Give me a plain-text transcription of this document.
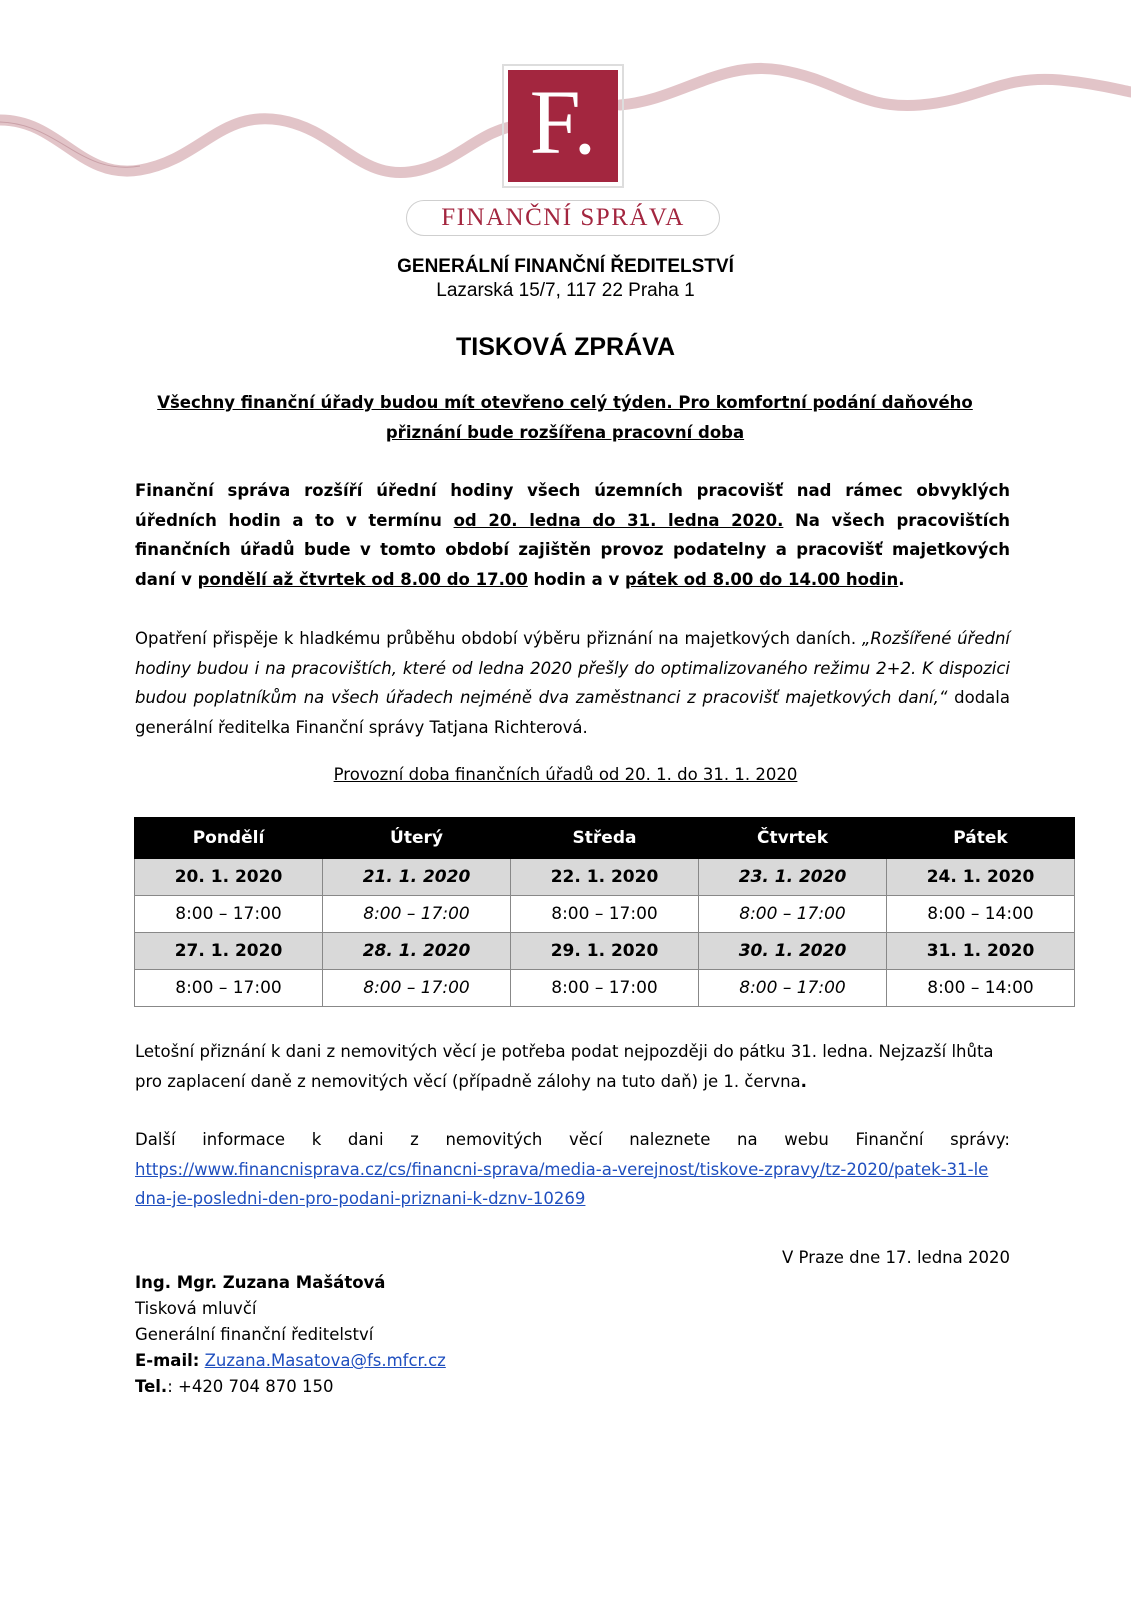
F.
FINANČNÍ SPRÁVA
GENERÁLNÍ FINANČNÍ ŘEDITELSTVÍ
Lazarská 15/7, 117 22 Praha 1
TISKOVÁ ZPRÁVA
Všechny finanční úřady budou mít otevřeno celý týden. Pro komfortní podání daňového přiznání bude rozšířena pracovní doba
Finanční správa rozšíří úřední hodiny všech územních pracovišť nad rámec obvyklých úředních hodin a to v termínu od 20. ledna do 31. ledna 2020. Na všech pracovištích finančních úřadů bude v tomto období zajištěn provoz podatelny a pracovišť majetkových daní v pondělí až čtvrtek od 8.00 do 17.00 hodin a v pátek od 8.00 do 14.00 hodin.
Opatření přispěje k hladkému průběhu období výběru přiznání na majetkových daních. „Rozšířené úřední hodiny budou i na pracovištích, které od ledna 2020 přešly do optimalizovaného režimu 2+2. K dispozici budou poplatníkům na všech úřadech nejméně dva zaměstnanci z pracovišť majetkových daní,“ dodala generální ředitelka Finanční správy Tatjana Richterová.
Provozní doba finančních úřadů od 20. 1. do 31. 1. 2020
Pondělí	Úterý	Středa	Čtvrtek	Pátek
20. 1. 2020	21. 1. 2020	22. 1. 2020	23. 1. 2020	24. 1. 2020
8:00 – 17:00	8:00 – 17:00	8:00 – 17:00	8:00 – 17:00	8:00 – 14:00
27. 1. 2020	28. 1. 2020	29. 1. 2020	30. 1. 2020	31. 1. 2020
8:00 – 17:00	8:00 – 17:00	8:00 – 17:00	8:00 – 17:00	8:00 – 14:00
Letošní přiznání k dani z nemovitých věcí je potřeba podat nejpozději do pátku 31. ledna. Nejzazší lhůta pro zaplacení daně z nemovitých věcí (případně zálohy na tuto daň) je 1. června.
Další informace k dani z nemovitých věcí naleznete na webu Finanční správy:
https://www.financnisprava.cz/cs/financni-sprava/media-a-verejnost/tiskove-zpravy/tz-2020/patek-31-ledna-je-posledni-den-pro-podani-priznani-k-dznv-10269
V Praze dne 17. ledna 2020
Ing. Mgr. Zuzana Mašátová
Tisková mluvčí
Generální finanční ředitelství
E-mail: Zuzana.Masatova@fs.mfcr.cz
Tel.: +420 704 870 150
